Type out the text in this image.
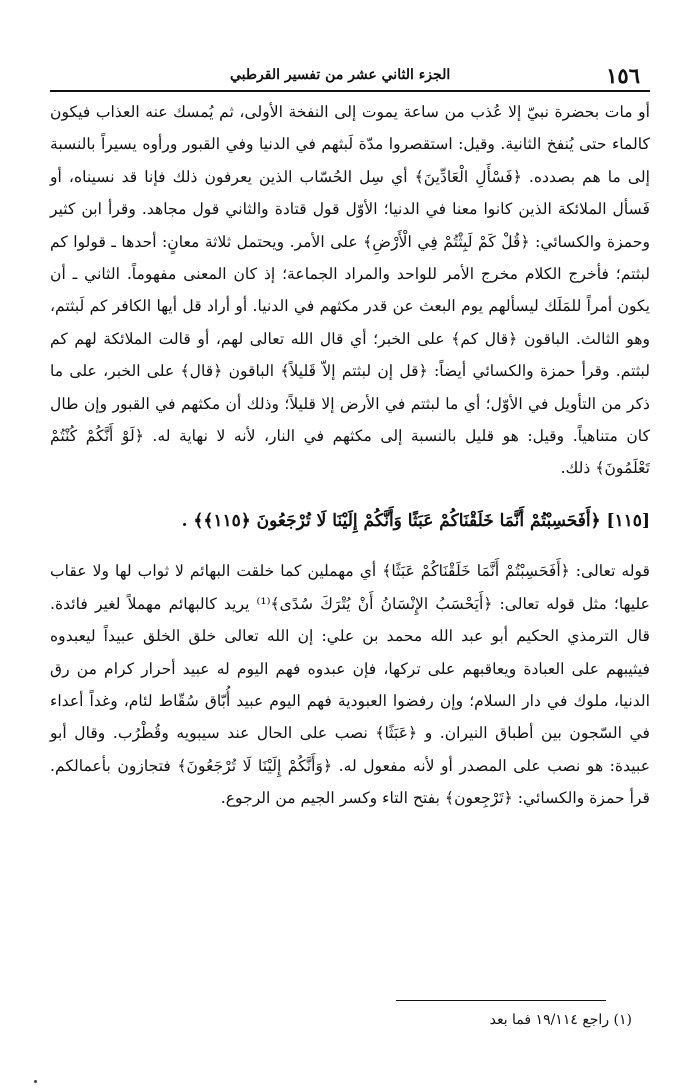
١٥٦
الجزء الثاني عشر من تفسير القرطبي

أو مات بحضرة نبيّ إلا عُذب من ساعة يموت إلى النفخة الأولى، ثم يُمسك عنه العذاب فيكون كالماء حتى يُنفخ الثانية. وقيل: استقصروا مدّة لَبثهم في الدنيا وفي القبور ورأوه يسيراً بالنسبة إلى ما هم بصدده. ﴿فَسْأَلِ الْعَادِّينَ﴾ أي سِل الحُسّاب الذين يعرفون ذلك فإنا قد نسيناه، أو فَسأل الملائكة الذين كانوا معنا في الدنيا؛ الأوّل قول قتادة والثاني قول مجاهد. وقرأ ابن كثير وحمزة والكسائي: ﴿قُلْ كَمْ لَبِثْتُمْ فِي الْأَرْضِ﴾ على الأمر. ويحتمل ثلاثة معانٍ: أحدها ـ قولوا كم لبثتم؛ فأخرج الكلام مخرج الأمر للواحد والمراد الجماعة؛ إذ كان المعنى مفهوماً. الثاني ـ أن يكون أمراً للمَلَك ليسألهم يوم البعث عن قدر مكثهم في الدنيا. أو أراد قل أيها الكافر كم لَبثتم، وهو الثالث. الباقون ﴿قال كم﴾ على الخبر؛ أي قال الله تعالى لهم، أو قالت الملائكة لهم كم لبثتم. وقرأ حمزة والكسائي أيضاً: ﴿قل إن لبثتم إلاّ قَليلاً﴾ الباقون ﴿قال﴾ على الخبر، على ما ذكر من التأويل في الأوّل؛ أي ما لبثتم في الأرض إلا قليلاً؛ وذلك أن مكثهم في القبور وإن طال كان متناهياً. وقيل: هو قليل بالنسبة إلى مكثهم في النار، لأنه لا نهاية له. ﴿لَوْ أَنَّكُمْ كُنْتُمْ تَعْلَمُونَ﴾ ذلك.

[١١٥] ﴿أَفَحَسِبْتُمْ أَنَّمَا خَلَقْنَاكُمْ عَبَثًا وَأَنَّكُمْ إِلَيْنَا لَا تُرْجَعُونَ ﴿١١٥﴾﴾ .

قوله تعالى: ﴿أَفَحَسِبْتُمْ أَنَّمَا خَلَقْنَاكُمْ عَبَثًا﴾ أي مهملين كما خلقت البهائم لا ثواب لها ولا عقاب عليها؛ مثل قوله تعالى: ﴿أَيَحْسَبُ الإِنْسَانُ أَنْ يُتْرَكَ سُدًى﴾⁽¹⁾ يريد كالبهائم مهملاً لغير فائدة. قال الترمذي الحكيم أبو عبد الله محمد بن علي: إن الله تعالى خلق الخلق عبيداً ليعبدوه فيثيبهم على العبادة ويعاقبهم على تركها، فإن عبدوه فهم اليوم له عبيد أحرار كرام من رق الدنيا، ملوك في دار السلام؛ وإن رفضوا العبودية فهم اليوم عبيد أُبّاق سُقّاط لئام، وغداً أعداء في السّجون بين أطباق النيران. و ﴿عَبَثًا﴾ نصب على الحال عند سيبويه وقُطْرُب. وقال أبو عبيدة: هو نصب على المصدر أو لأنه مفعول له. ﴿وَأَنَّكُمْ إِلَيْنَا لَا تُرْجَعُونَ﴾ فتجازون بأعمالكم. قرأ حمزة والكسائي: ﴿تَرْجِعون﴾ بفتح التاء وكسر الجيم من الرجوع.

(١) راجع ١٩/١١٤ فما بعد
